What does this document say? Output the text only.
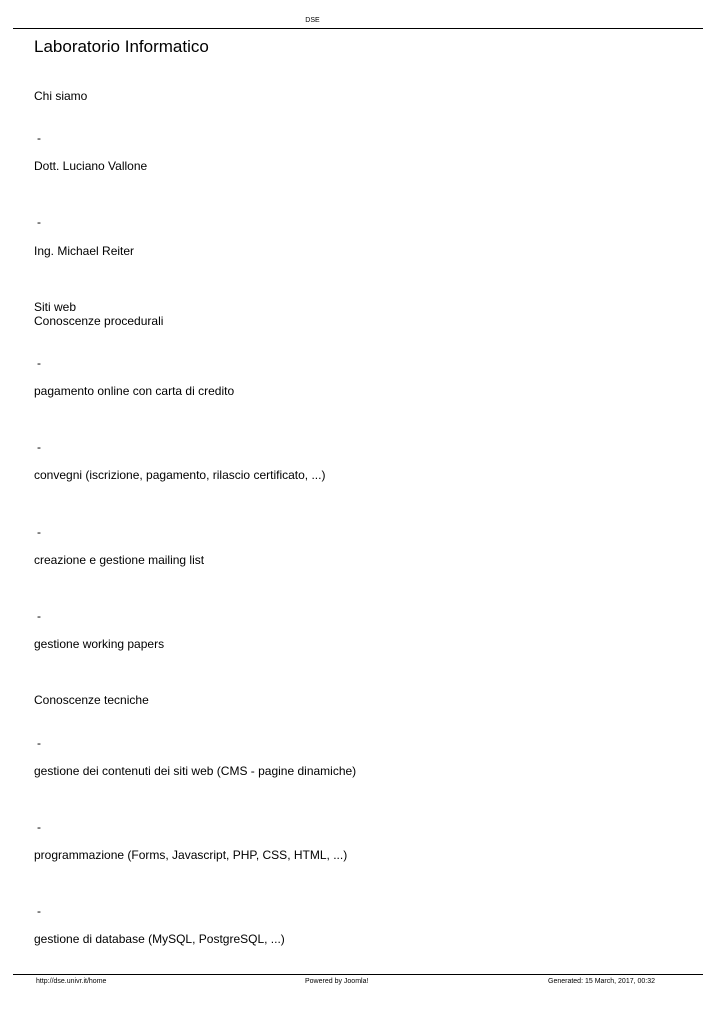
DSE
Laboratorio Informatico
Chi siamo
-
Dott. Luciano Vallone
-
Ing. Michael Reiter
Siti web
Conoscenze procedurali
-
pagamento online con carta di credito
-
convegni (iscrizione, pagamento, rilascio certificato, ...)
-
creazione e gestione mailing list
-
gestione working papers
Conoscenze tecniche
-
gestione dei contenuti dei siti web (CMS - pagine dinamiche)
-
programmazione (Forms, Javascript, PHP, CSS, HTML, ...)
-
gestione di database (MySQL, PostgreSQL, ...)
http://dse.univr.it/home	Powered by Joomla!	Generated: 15 March, 2017, 00:32
